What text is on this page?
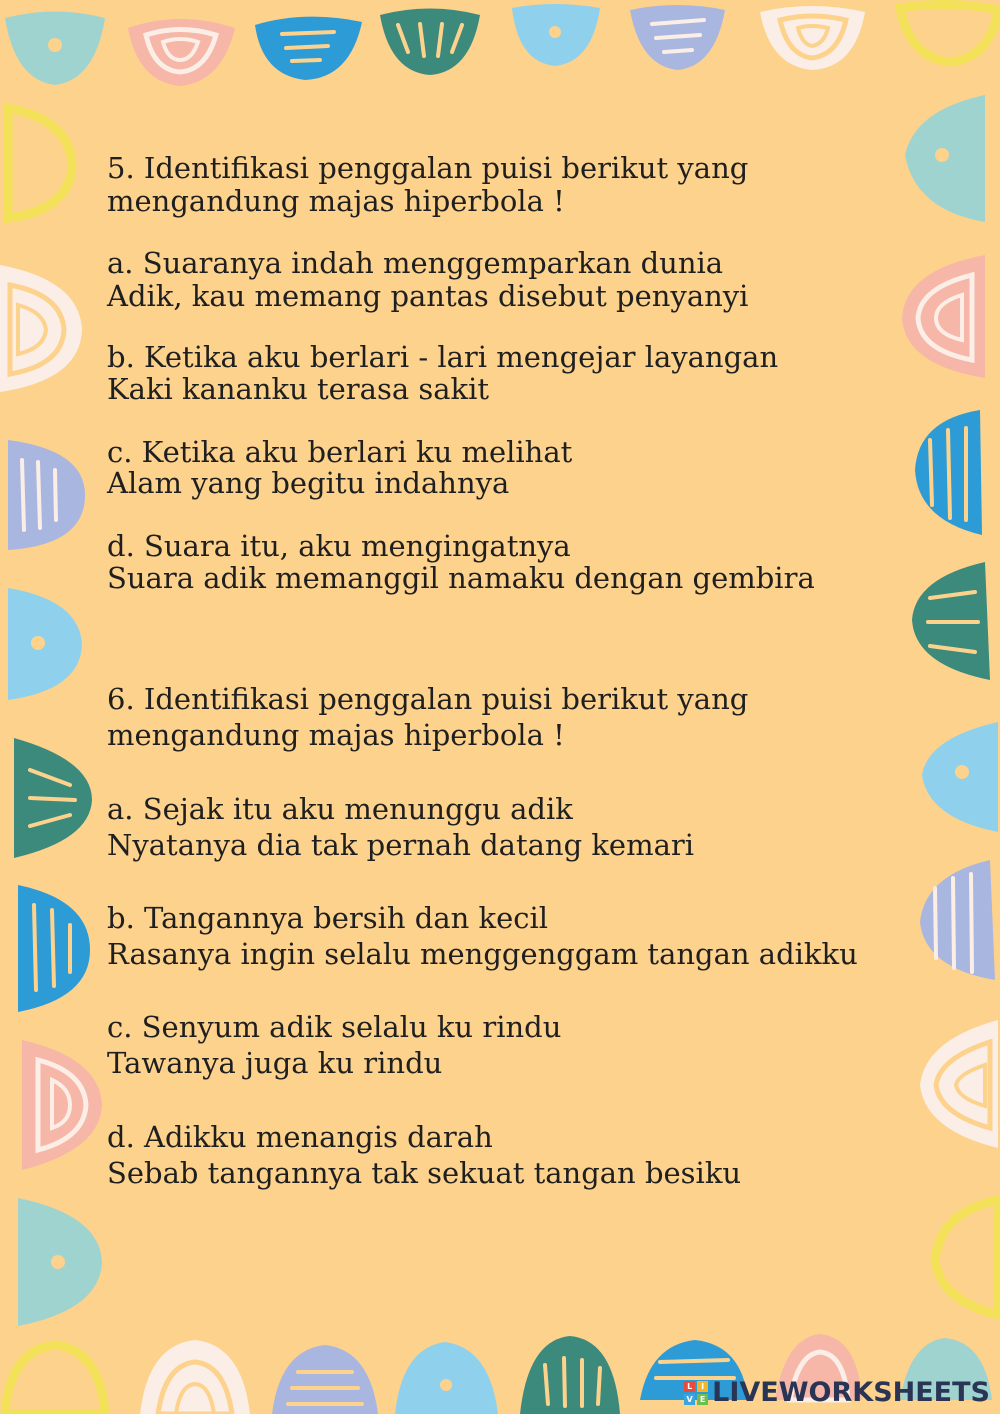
5. Identifikasi penggalan puisi berikut yang

mengandung majas hiperbola !

a. Suaranya indah menggemparkan dunia

Adik, kau memang pantas disebut penyanyi

b. Ketika aku berlari - lari mengejar layangan

Kaki kananku terasa sakit

c. Ketika aku berlari ku melihat

Alam yang begitu indahnya

d. Suara itu, aku mengingatnya

Suara adik memanggil namaku dengan gembira

6. Identifikasi penggalan puisi berikut yang

mengandung majas hiperbola !

a. Sejak itu aku menunggu adik

Nyatanya dia tak pernah datang kemari

b. Tangannya bersih dan kecil

Rasanya ingin selalu menggenggam tangan adikku

c. Senyum adik selalu ku rindu

Tawanya juga ku rindu

d. Adikku menangis darah

Sebab tangannya tak sekuat tangan besiku

L	I
V E LIVEWORKSHEETS
